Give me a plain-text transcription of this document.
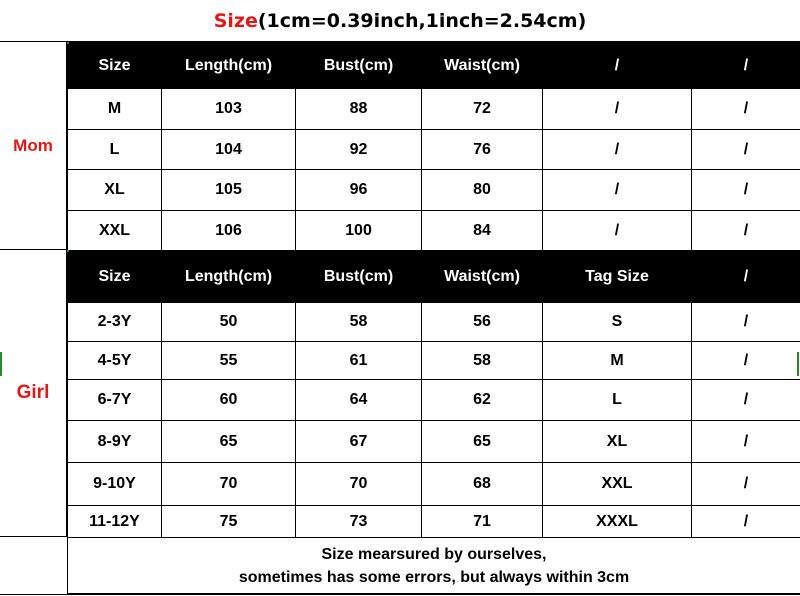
Size (1cm=0.39inch,1inch=2.54cm)
Mom
Size	Length(cm)	Bust(cm)	Waist(cm)	/	/
M	103	88	72	/	/
L	104	92	76	/	/
XL	105	96	80	/	/
XXL	106	100	84	/	/
Girl
Size	Length(cm)	Bust(cm)	Waist(cm)	Tag Size	/
2-3Y	50	58	56	S	/
4-5Y	55	61	58	M	/
6-7Y	60	64	62	L	/
8-9Y	65	67	65	XL	/
9-10Y	70	70	68	XXL	/
11-12Y	75	73	71	XXXL	/
Size mearsured by ourselves,
sometimes has some errors, but always within 3cm
